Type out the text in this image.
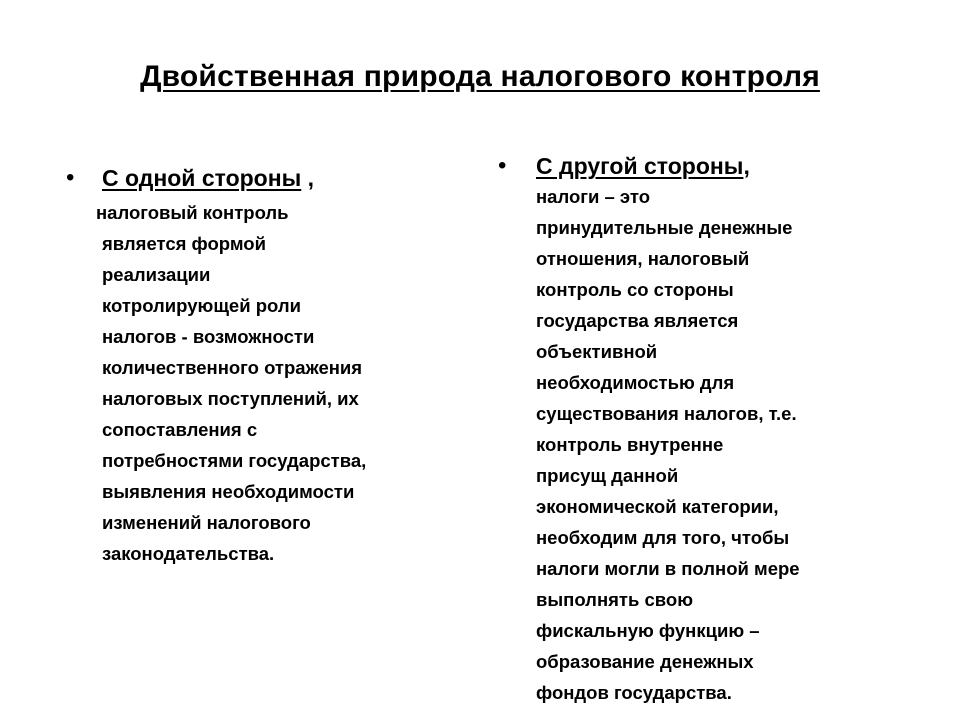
Двойственная природа налогового контроля
•	С одной стороны ,
налоговый контроль
является формой
реализации
котролирующей роли
налогов - возможности
количественного отражения
налоговых поступлений, их
сопоставления с
потребностями государства,
выявления необходимости
изменений налогового
законодательства.
•	С другой стороны,
налоги – это
принудительные денежные
отношения, налоговый
контроль со стороны
государства является
объективной
необходимостью для
существования налогов, т.е.
контроль внутренне
присущ данной
экономической категории,
необходим для того, чтобы
налоги могли в полной мере
выполнять свою
фискальную функцию –
образование денежных
фондов государства.
